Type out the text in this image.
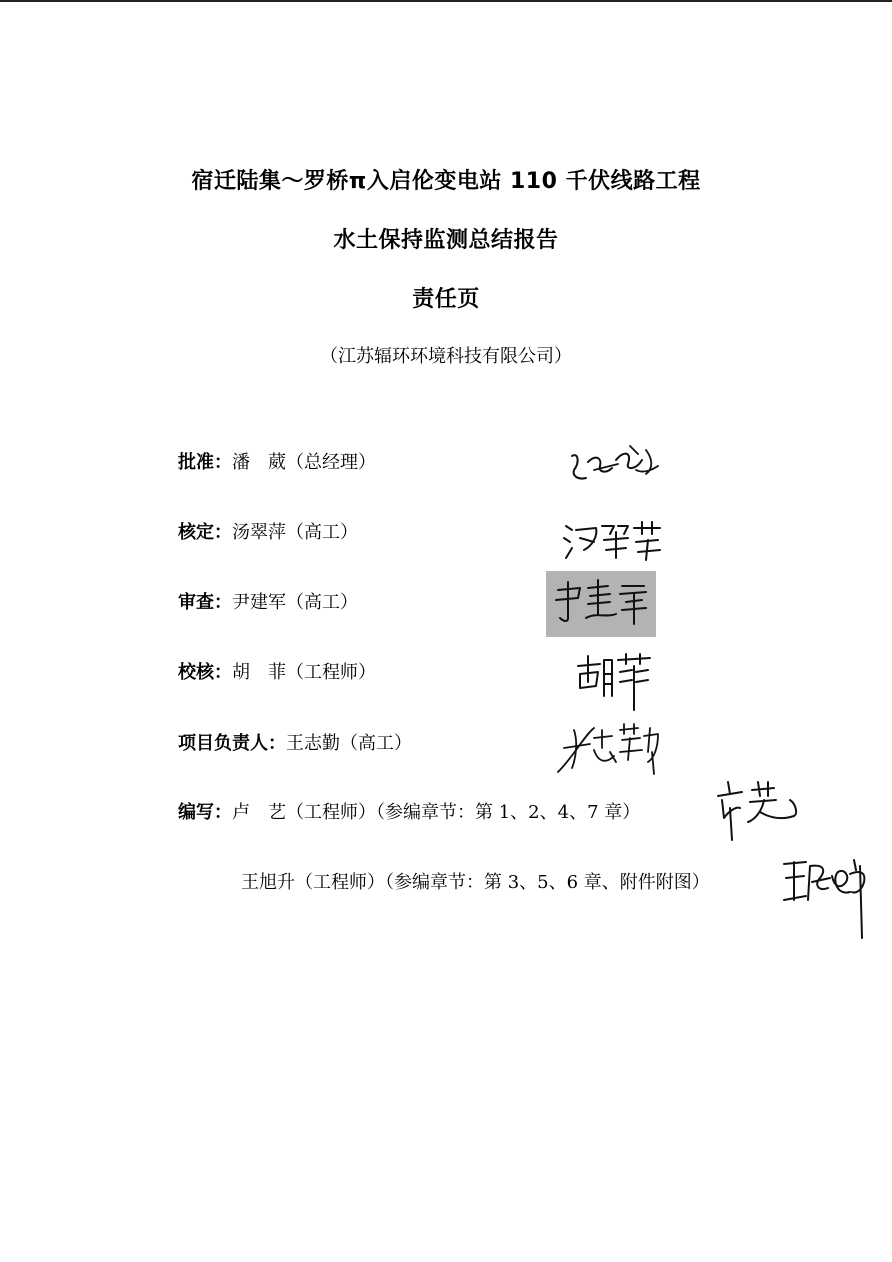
宿迁陆集～罗桥π入启伦变电站 110 千伏线路工程
水土保持监测总结报告
责任页
（江苏辐环环境科技有限公司）
批准：潘　葳（总经理）
核定：汤翠萍（高工）
审查：尹建军（高工）
校核：胡　菲（工程师）
项目负责人：王志勤（高工）
编写：卢　艺（工程师）（参编章节：第 1、2、4、7 章）
王旭升（工程师）（参编章节：第 3、5、6 章、附件附图）
